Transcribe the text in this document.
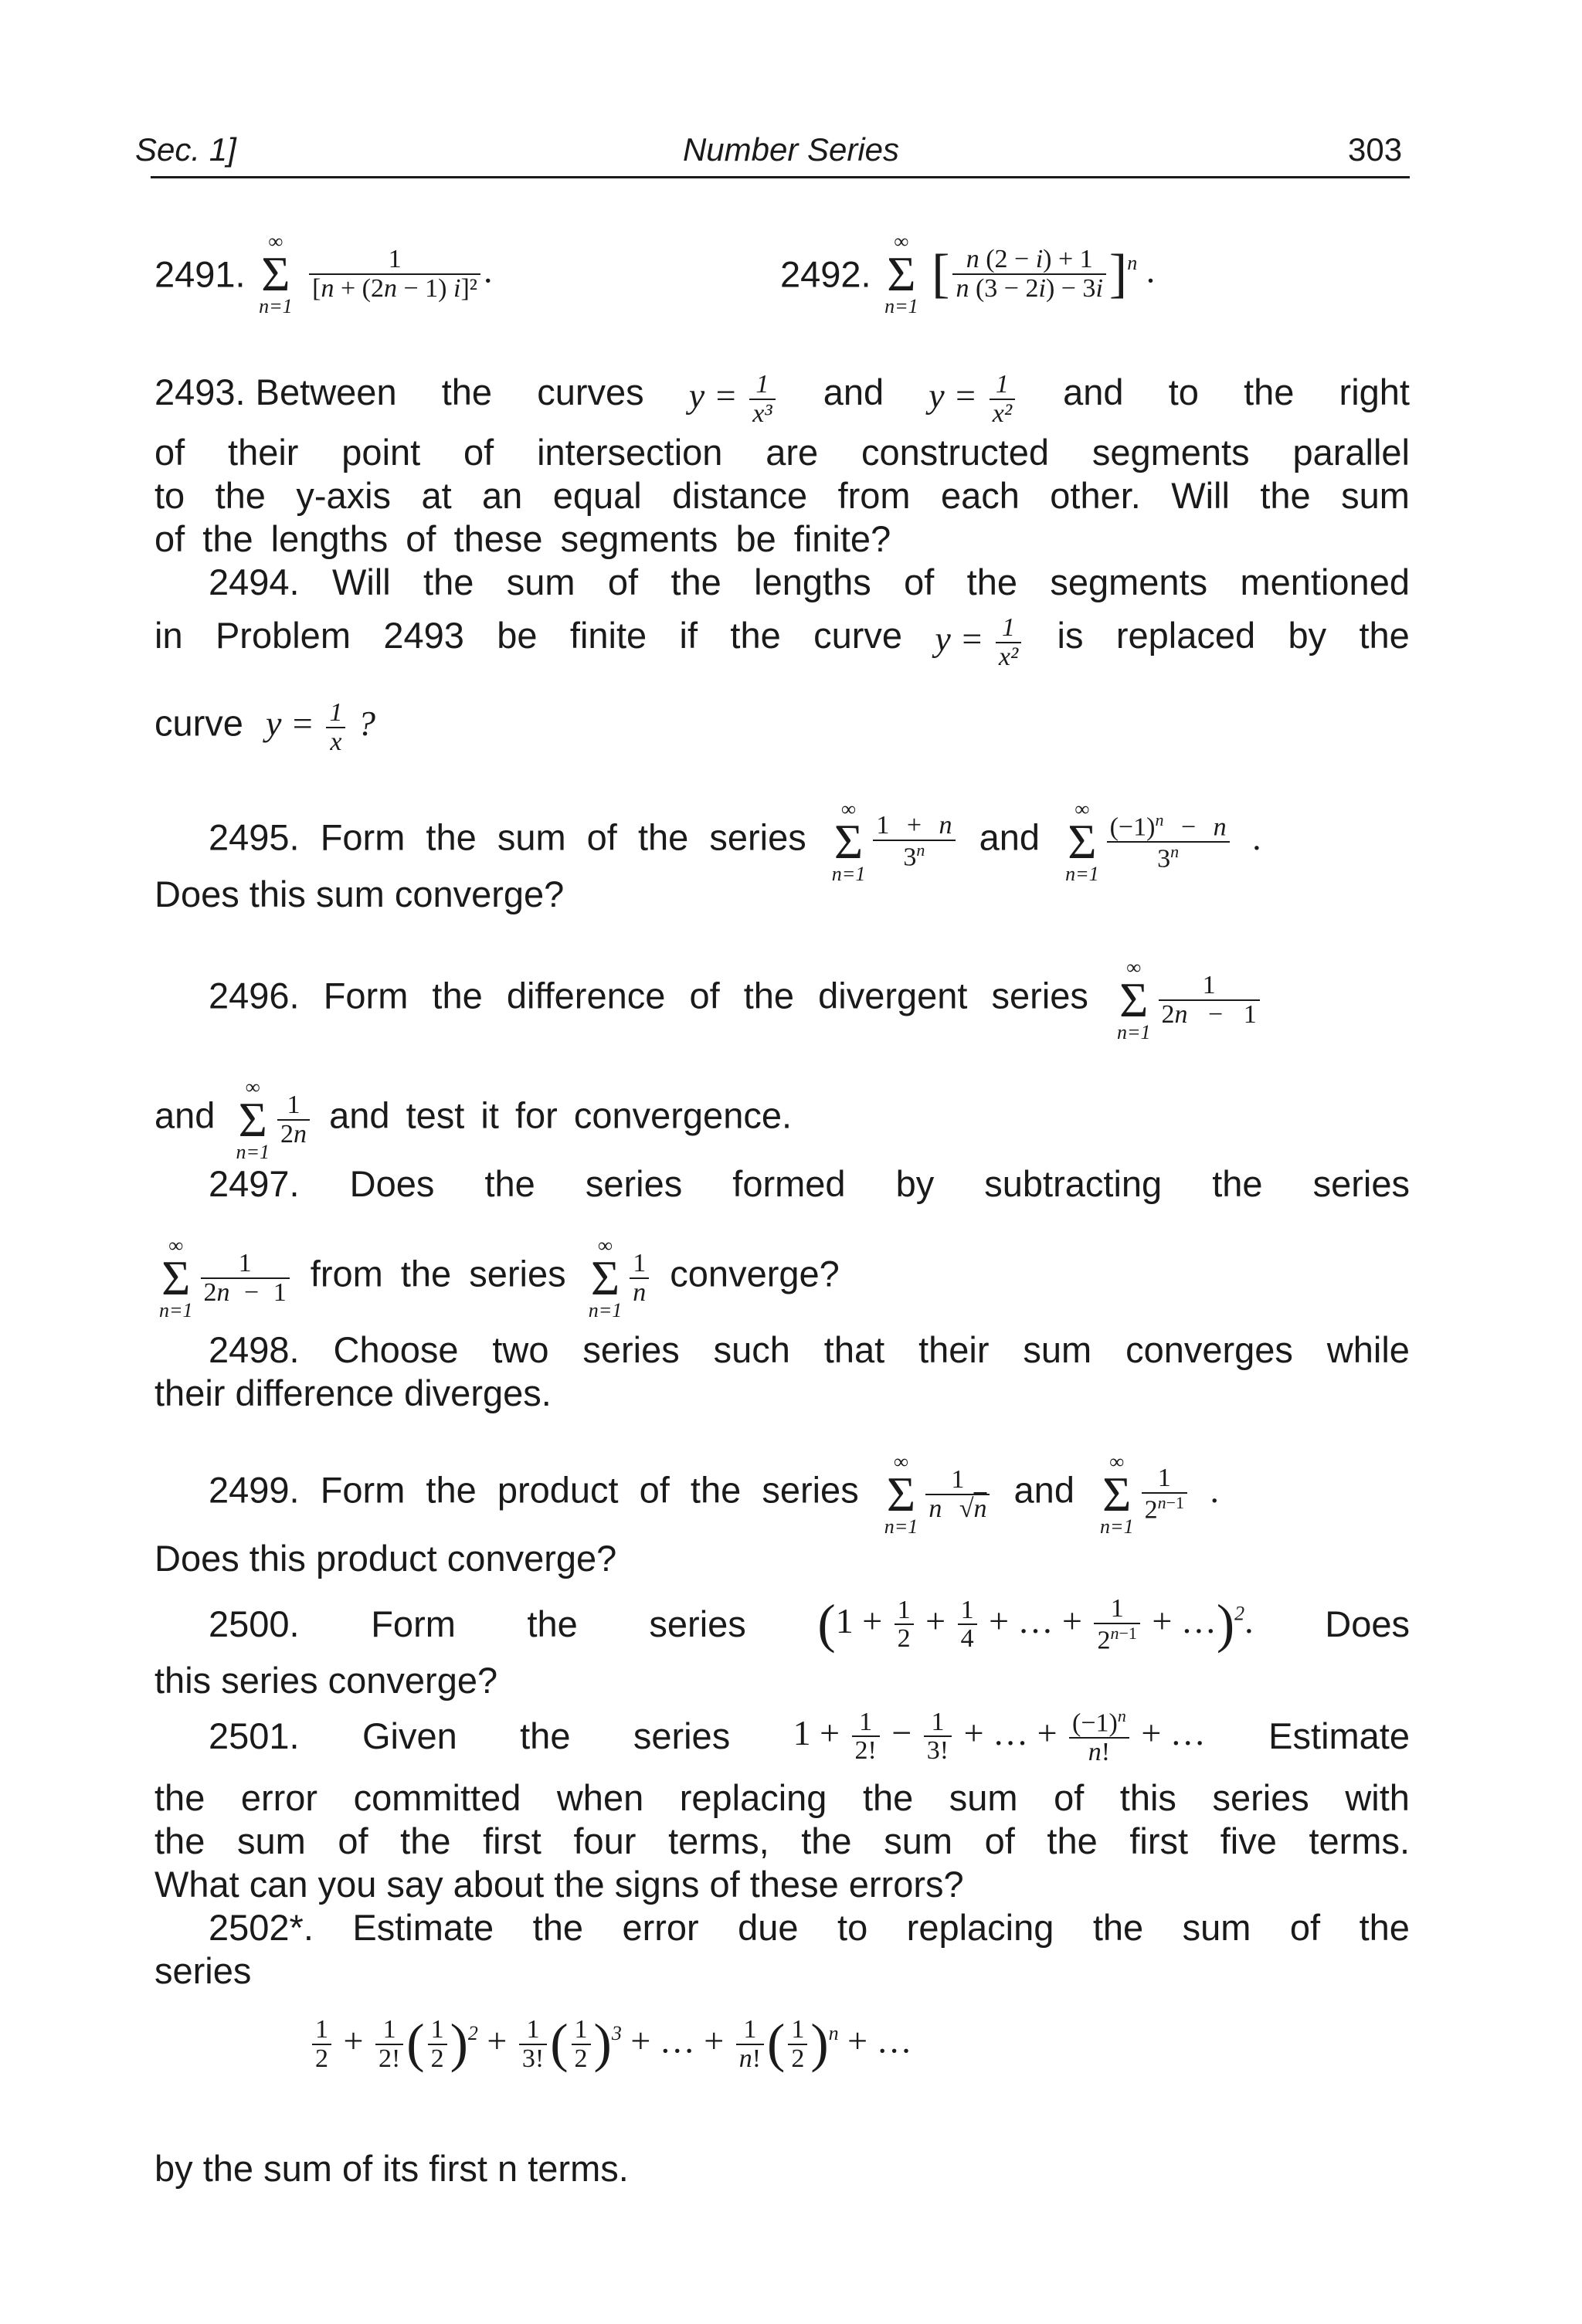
Sec. 1]	Number Series	303
2491.
∞
Σ
n=1

$\frac{1}{\text{[n + (2n − 1) i]²}}$ .	2492.
∞
Σ
n=1
[ $\frac{n (2 - i) + 1}{n (3 - 2i) - 3i} ]^n$ .
2493. Between the curves $y = \frac{1}{\text{x³}}$ and $y = \frac{1}{\text{x²}}$ and to the right
of their point of intersection are constructed segments parallel
to the y-axis at an equal distance from each other. Will the sum
of the lengths of these segments be finite?
2494. Will the sum of the lengths of the segments mentioned
in Problem 2493 be finite if the curve $y = \frac{1}{\text{x²}}$ is replaced by the
curve $y = \frac{1}{x}$ ?
2495. Form the sum of the series
∞
Σ
n=1
$\frac{1 + n}{3^n}$ and
∞
Σ
n=1
$\frac{(-1)^n - n}{3^n}$ .
Does this sum converge?
2496. Form the difference of the divergent series
∞
Σ
n=1
$\frac{1}{2n - 1}$
and
∞
Σ
n=1
$\frac{1}{2n}$ and test it for convergence.
2497. Does the series formed by subtracting the series
∞
Σ
n=1
$\frac{1}{2n - 1}$ from the series
∞
Σ
n=1
$\frac{1}{n}$ converge?
2498. Choose two series such that their sum converges while
their difference diverges.
2499. Form the product of the series
∞
Σ
n=1
$\frac{1}{n √n}$ and
∞
Σ
n=1
$\frac{1}{2^{n-1}}$ .
Does this product converge?
2500. Form the series ($1 + \frac{1}{2} + \frac{1}{4}$ + … + $\frac{1}{2^{n-1}}$ + …)$^2$. Does
this series converge?
2501. Given the series $1 + \frac{1}{2!} - \frac{1}{3!}$ + … + $\frac{(-1)^n}{n!}$ + … Estimate
the error committed when replacing the sum of this series with
the sum of the first four terms, the sum of the first five terms.
What can you say about the signs of these errors?
2502*. Estimate the error due to replacing the sum of the
series
$\frac{1}{2} + \frac{1}{2!}$ ( $\frac{1}{2} )^2 + \frac{1}{3!}$ ( $\frac{1}{2} )^3$ + … + $\frac{1}{n!}$ ( $\frac{1}{2} )^n$ + …
by the sum of its first n terms.
